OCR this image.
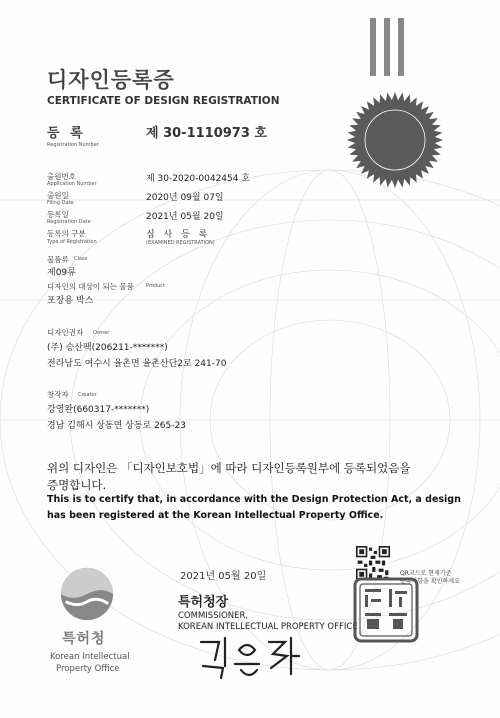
디자인등록증
CERTIFICATE OF DESIGN REGISTRATION
등 록
Registration Number
제 30-1110973 호
출원번호
Application Number	제 30-2020-0042454 호
출원일
Filing Date	2020년 09월 07일
등록일
Registration Date	2021년 05월 20일
등록의 구분
Type of Registration
심 사 등 록
(EXAMINED REGISTRATION)
물품류 Class
제09류
디자인의 대상이 되는 물품 Product
포장용 박스
디자인권자 Owner
(주) 승산팩(206211-*******)
전라남도 여수시 율촌면 율촌산단2로 241-70
창작자 Creator
강영완(660317-*******)
경남 김해시 상동면 상동로 265-23
위의 디자인은 「디자인보호법」에 따라 디자인등록원부에 등록되었음을
증명합니다.
This is to certify that, in accordance with the Design Protection Act, a design
has been registered at the Korean Intellectual Property Office.
QR코드로 현재기준
등록사항을 확인하세요
2021년 05월 20일
특허청
Korean Intellectual
Property Office
특허청장
COMMISSIONER,
KOREAN INTELLECTUAL PROPERTY OFFICE
